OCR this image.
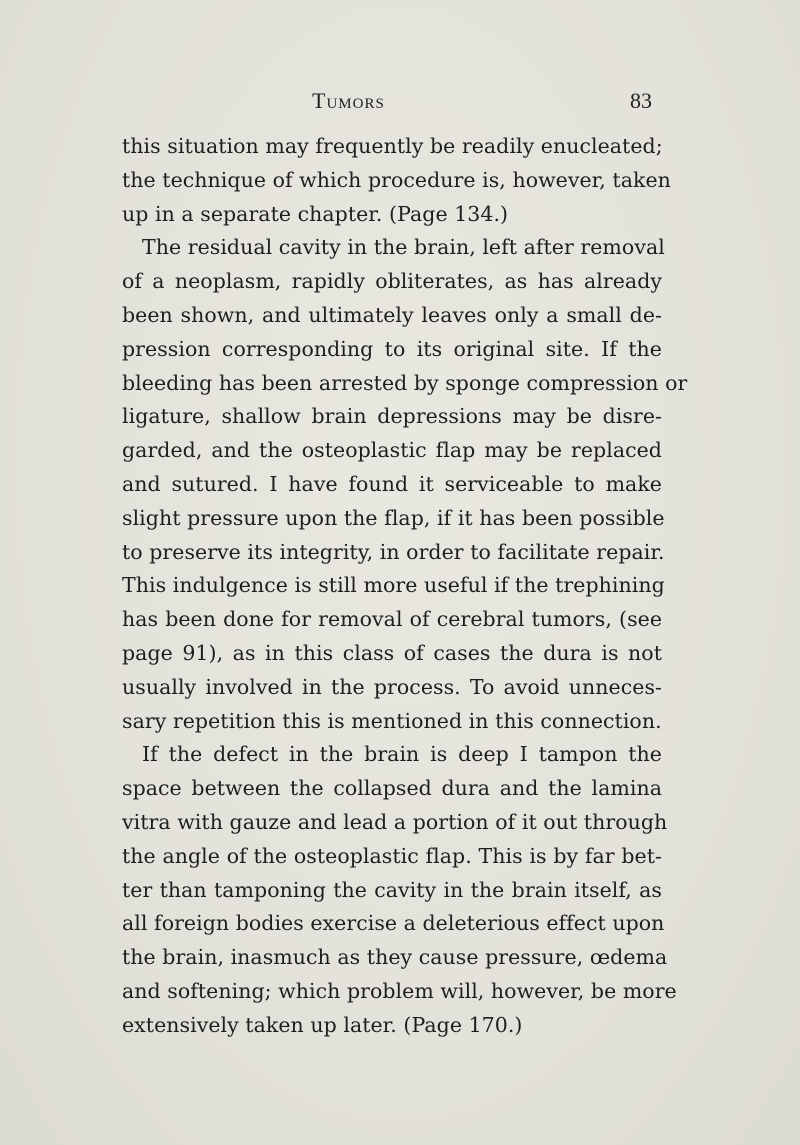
Tumors	83
this situation may frequently be readily enucleated;
the technique of which procedure is, however, taken
up in a separate chapter. (Page 134.)
The residual cavity in the brain, left after removal
of a neoplasm, rapidly obliterates, as has already
been shown, and ultimately leaves only a small de-
pression corresponding to its original site. If the
bleeding has been arrested by sponge compression or
ligature, shallow brain depressions may be disre-
garded, and the osteoplastic flap may be replaced
and sutured. I have found it serviceable to make
slight pressure upon the flap, if it has been possible
to preserve its integrity, in order to facilitate repair.
This indulgence is still more useful if the trephining
has been done for removal of cerebral tumors, (see
page 91), as in this class of cases the dura is not
usually involved in the process. To avoid unneces-
sary repetition this is mentioned in this connection.
If the defect in the brain is deep I tampon the
space between the collapsed dura and the lamina
vitra with gauze and lead a portion of it out through
the angle of the osteoplastic flap. This is by far bet-
ter than tamponing the cavity in the brain itself, as
all foreign bodies exercise a deleterious effect upon
the brain, inasmuch as they cause pressure, œdema
and softening; which problem will, however, be more
extensively taken up later. (Page 170.)
